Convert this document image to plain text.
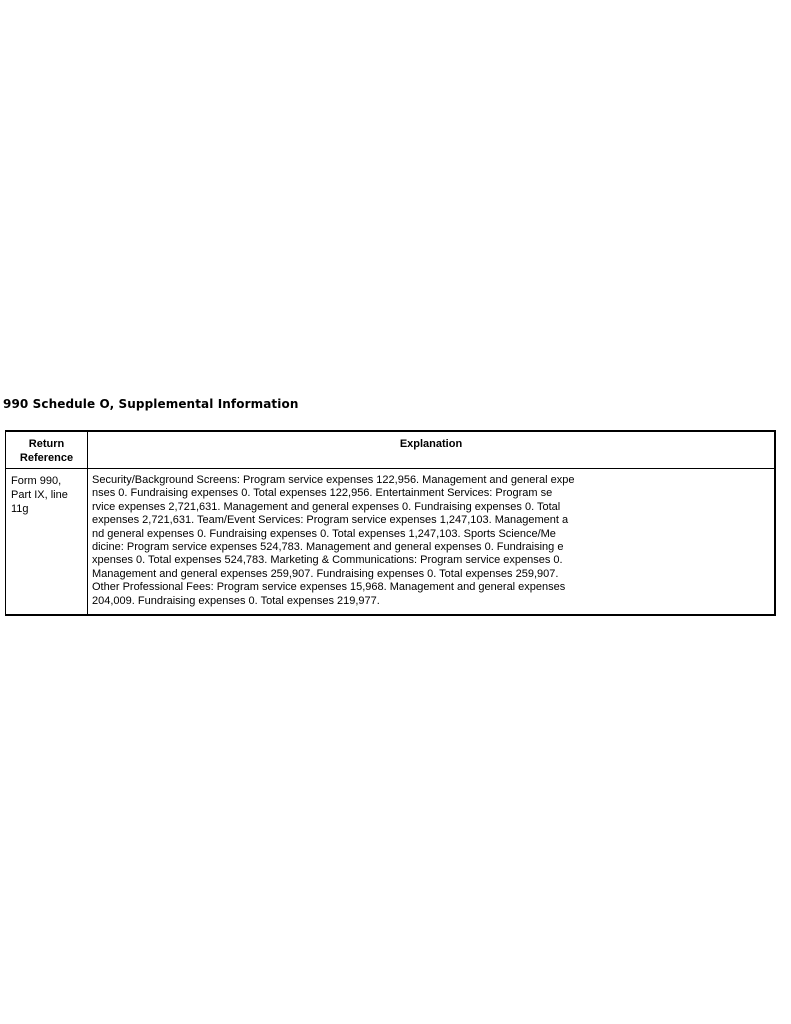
990 Schedule O, Supplemental Information
Return
Reference
Explanation
Form 990,
Part IX, line
11g
Security/Background Screens: Program service expenses 122,956. Management and general expe
nses 0. Fundraising expenses 0. Total expenses 122,956. Entertainment Services: Program se
rvice expenses 2,721,631. Management and general expenses 0. Fundraising expenses 0. Total
expenses 2,721,631. Team/Event Services: Program service expenses 1,247,103. Management a
nd general expenses 0. Fundraising expenses 0. Total expenses 1,247,103. Sports Science/Me
dicine: Program service expenses 524,783. Management and general expenses 0. Fundraising e
xpenses 0. Total expenses 524,783. Marketing & Communications: Program service expenses 0.
Management and general expenses 259,907. Fundraising expenses 0. Total expenses 259,907.
Other Professional Fees: Program service expenses 15,968. Management and general expenses
204,009. Fundraising expenses 0. Total expenses 219,977.
